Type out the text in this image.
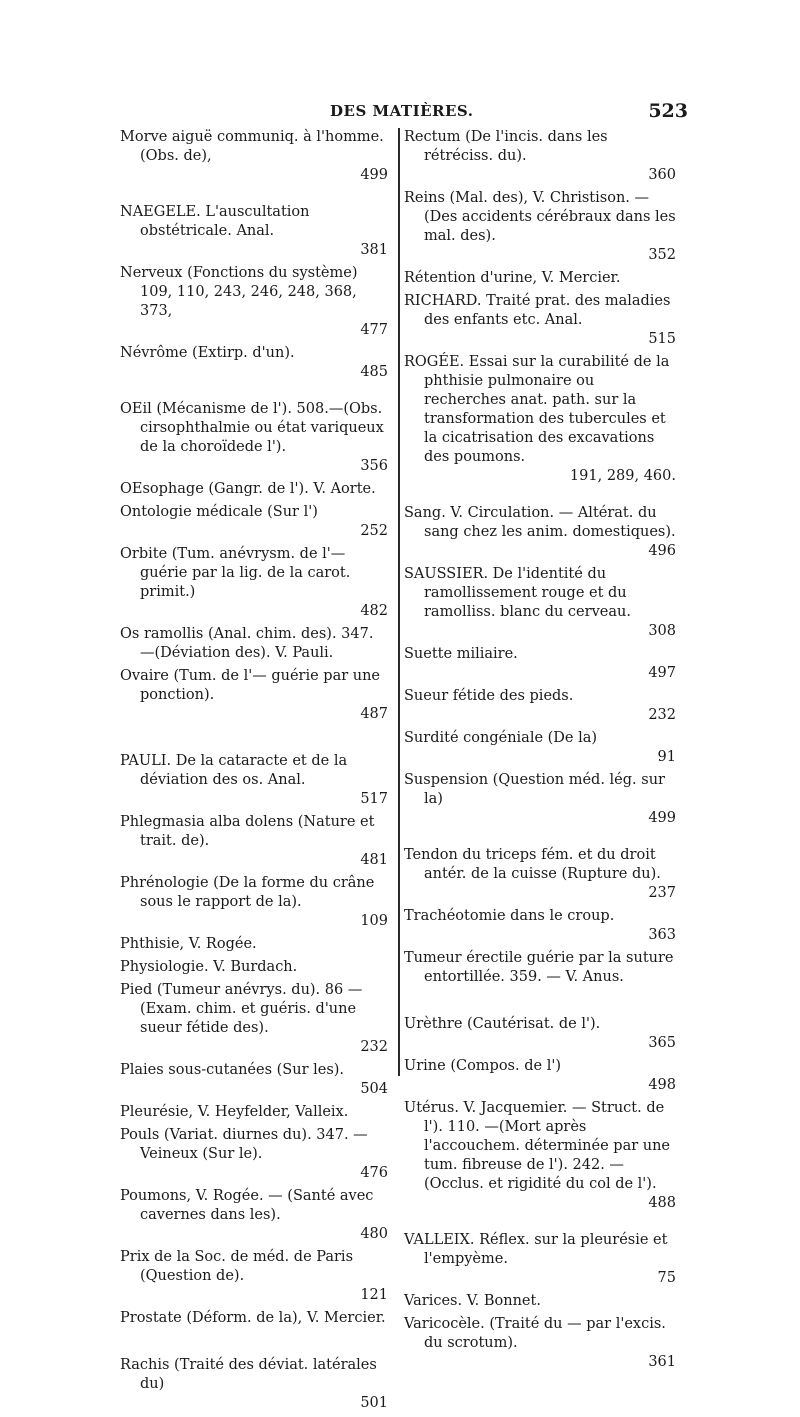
DES MATIÈRES.	523
Morve aiguë communiq. à l'homme. (Obs. de),
499
NAEGELE. L'auscultation obstétricale. Anal.
381
Nerveux (Fonctions du système) 109, 110, 243, 246, 248, 368, 373,
477
Névrôme (Extirp. d'un).
485
OEil (Mécanisme de l'). 508.—(Obs. cirsophthalmie ou état variqueux de la choroïdede l').
356
OEsophage (Gangr. de l'). V. Aorte.
Ontologie médicale (Sur l')
252
Orbite (Tum. anévrysm. de l'— guérie par la lig. de la carot. primit.)
482
Os ramollis (Anal. chim. des). 347. —(Déviation des). V. Pauli.
Ovaire (Tum. de l'— guérie par une ponction).
487
PAULI. De la cataracte et de la déviation des os. Anal.
517
Phlegmasia alba dolens (Nature et trait. de).
481
Phrénologie (De la forme du crâne sous le rapport de la).
109
Phthisie, V. Rogée.
Physiologie. V. Burdach.
Pied (Tumeur anévrys. du). 86 — (Exam. chim. et guéris. d'une sueur fétide des).
232
Plaies sous-cutanées (Sur les).
504
Pleurésie, V. Heyfelder, Valleix.
Pouls (Variat. diurnes du). 347. — Veineux (Sur le).
476
Poumons, V. Rogée. — (Santé avec cavernes dans les).
480
Prix de la Soc. de méd. de Paris (Question de).
121
Prostate (Déform. de la), V. Mercier.
Rachis (Traité des déviat. latérales du)
501
Rectum (De l'incis. dans les rétréciss. du).
360
Reins (Mal. des), V. Christison. — (Des accidents cérébraux dans les mal. des).
352
Rétention d'urine, V. Mercier.
RICHARD. Traité prat. des maladies des enfants etc. Anal.
515
ROGÉE. Essai sur la curabilité de la phthisie pulmonaire ou recherches anat. path. sur la transformation des tubercules et la cicatrisation des excavations des poumons.
191, 289, 460.
Sang. V. Circulation. — Altérat. du sang chez les anim. domestiques).
496
SAUSSIER. De l'identité du ramollissement rouge et du ramolliss. blanc du cerveau.
308
Suette miliaire.
497
Sueur fétide des pieds.
232
Surdité congéniale (De la)
91
Suspension (Question méd. lég. sur la)
499
Tendon du triceps fém. et du droit antér. de la cuisse (Rupture du).
237
Trachéotomie dans le croup.
363
Tumeur érectile guérie par la suture entortillée. 359. — V. Anus.
Urèthre (Cautérisat. de l').
365
Urine (Compos. de l')
498
Utérus. V. Jacquemier. — Struct. de l'). 110. —(Mort après l'accouchem. déterminée par une tum. fibreuse de l'). 242. — (Occlus. et rigidité du col de l').
488
VALLEIX. Réflex. sur la pleurésie et l'empyème.
75
Varices. V. Bonnet.
Varicocèle. (Traité du — par l'excis. du scrotum).
361
